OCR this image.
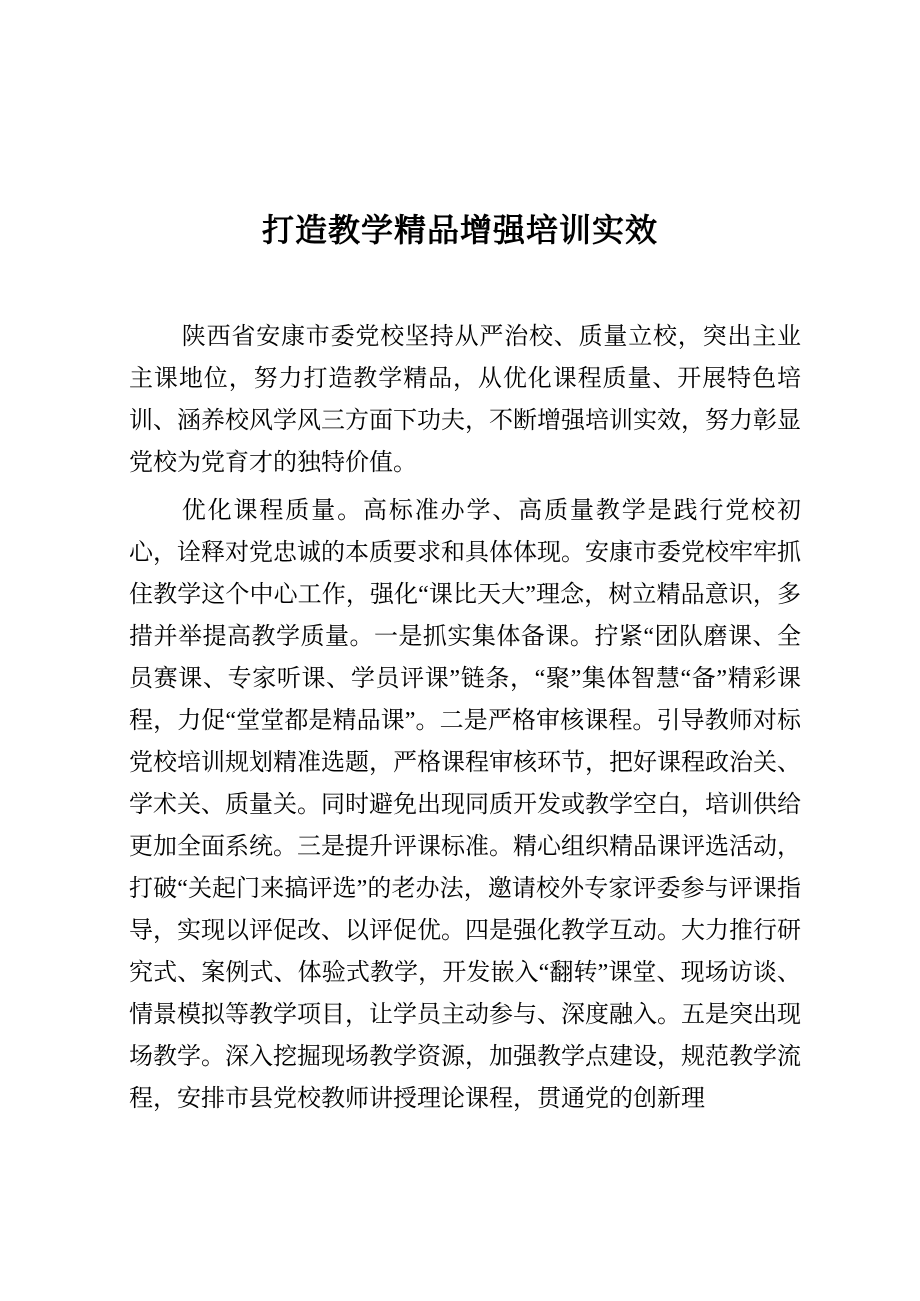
打造教学精品增强培训实效

陕西省安康市委党校坚持从严治校、质量立校，突出主业主课地位，努力打造教学精品，从优化课程质量、开展特色培训、涵养校风学风三方面下功夫，不断增强培训实效，努力彰显党校为党育才的独特价值。

优化课程质量。高标准办学、高质量教学是践行党校初心，诠释对党忠诚的本质要求和具体体现。安康市委党校牢牢抓住教学这个中心工作，强化“课比天大”理念，树立精品意识，多措并举提高教学质量。一是抓实集体备课。拧紧“团队磨课、全员赛课、专家听课、学员评课”链条，“聚”集体智慧“备”精彩课程，力促“堂堂都是精品课”。二是严格审核课程。引导教师对标党校培训规划精准选题，严格课程审核环节，把好课程政治关、学术关、质量关。同时避免出现同质开发或教学空白，培训供给更加全面系统。三是提升评课标准。精心组织精品课评选活动，打破“关起门来搞评选”的老办法，邀请校外专家评委参与评课指导，实现以评促改、以评促优。四是强化教学互动。大力推行研究式、案例式、体验式教学，开发嵌入“翻转”课堂、现场访谈、情景模拟等教学项目，让学员主动参与、深度融入。五是突出现场教学。深入挖掘现场教学资源，加强教学点建设，规范教学流程，安排市县党校教师讲授理论课程，贯通党的创新理
